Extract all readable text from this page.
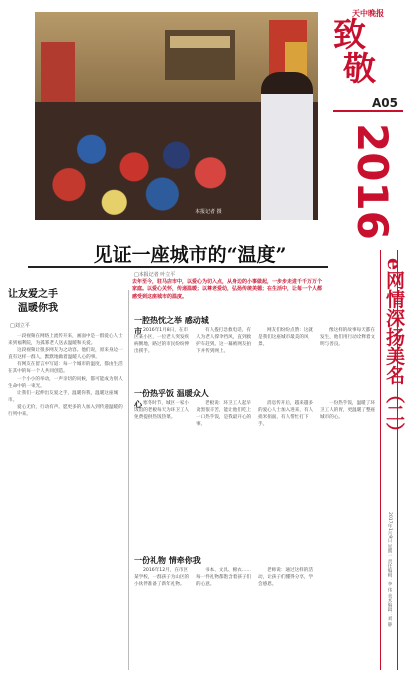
本报记者 摄
天中晚报
致
敬
A05
2016
见证一座城市的“温度”
□本报记者 叶立平
去年至今，驻马店市中，以爱心为切入点，从身边的小事做起，一步步走进千千万万个家庭。以爱心关怀，传递温暖；以尊老爱幼，弘扬传统美德；在生活中，让每一个人都感受到这座城市的温度。	e网情深扬美名（二）
2017年1月9日 星期一 责任编辑：李 伟 美术编辑：刘 静
让友爱之手
温暖你我
□刘立平

一段视频在网络上流传开来，画面中是一群爱心人士来到福利院，为孤寡老人送去温暖和关爱。

这段视频让很多网友为之动容。他们说，原来身边一直有这样一群人，默默地做着温暖人心的事。

有网友在留言中写道：每一个城市的温度，都由生活在其中的每一个人共同创造。

一个小小的举动，一声亲切的问候，都可能成为别人生命中的一束光。

让我们一起伸出友爱之手，温暖你我，温暖这座城市。

爱心无价，行动有声。愿更多的人加入到传递温暖的行列中来。

一腔热忱之举 感动城市 2016年1月8日，在市区某小区，一位老人突发疾病倒地，路过的市民纷纷伸出援手。
有人拨打急救电话，有人为老人撑伞挡风，直到救护车赶到。这一幕被网友拍下并传到网上。
网友们纷纷点赞：这就是我们这座城市最美的风景。
像这样的故事每天都在发生，他们用行动诠释着文明与善良。
一份热乎饭 温暖众人心 寒冬时节，城区一家小饭馆的老板每天为环卫工人免费提供热饭热菜。
老板说：环卫工人起早贪黑很辛苦，能让他们吃上一口热乎饭，是我最开心的事。
消息传开后，越来越多的爱心人士加入进来，有人捐米捐面，有人帮忙打下手。
一份热乎饭，温暖了环卫工人的胃，更温暖了整座城市的心。
一份礼物 情牵你我
2016年12月，在市区某学校，一群孩子为山区的小伙伴准备了新年礼物。
书本、文具、棉衣……每一件礼物都饱含着孩子们的心意。
老师说：通过这样的活动，让孩子们懂得分享，学会感恩。
